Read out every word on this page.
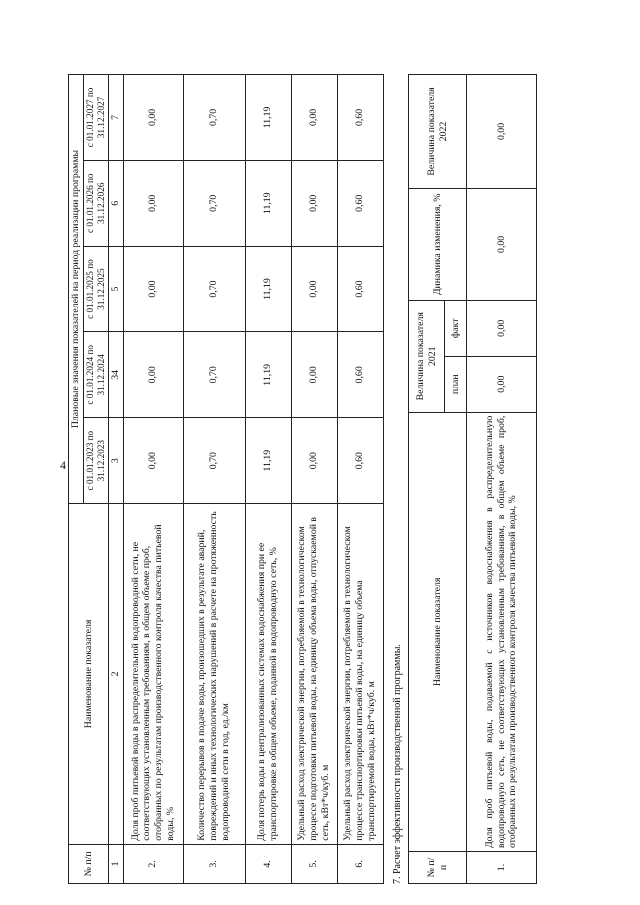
4
№ п/п	Наименование показателя	Плановые значения показателей на период реализации программы				
		с 01.01.2023 по 31.12.2023	с 01.01.2024 по 31.12.2024	с 01.01.2025 по 31.12.2025	с 01.01.2026 по 31.12.2026	с 01.01.2027 по 31.12.2027
1	2	3	34	5	6	7
2.	Доля проб питьевой воды в распределительной водопроводной сети, не соответствующих установленным требованиям, в общем объеме проб, отобранных по результатам производственного контроля качества питьевой воды, %	0,00	0,00	0,00	0,00	0,00
3.	Количество перерывов в подаче воды, произошедших в результате аварий, повреждений и иных технологических нарушений в расчете на протяженность водопроводной сети в год, ед./км	0,70	0,70	0,70	0,70	0,70
4.	Доля потерь воды в централизованных системах водоснабжения при ее транспортировке в общем объеме, поданной в водопроводную сеть, %	11,19	11,19	11,19	11,19	11,19
5.	Удельный расход электрической энергии, потребляемой в технологическом процессе подготовки питьевой воды, на единицу объема воды, отпускаемой в сеть, кВт*ч/куб. м	0,00	0,00	0,00	0,00	0,00
6.	Удельный расход электрической энергии, потребляемой в технологическом процессе транспортировки питьевой воды, на единицу объема транспортируемой воды, кВт*ч/куб. м	0,60	0,60	0,60	0,60	0,60
7. Расчет эффективности производственной программы. № п/п	Наименование показателя	Величина показателя 2021		Динамика изменения, %	Величина показателя 2022
		план	факт		
1.	Доля проб питьевой воды, подаваемой с источников водоснабжения в распределительную водопроводную сеть, не соответствующих установленным требованиям, в общем объеме проб, отобранных по результатам производственного контроля качества питьевой воды, %	0,00	0,00	0,00	0,00
